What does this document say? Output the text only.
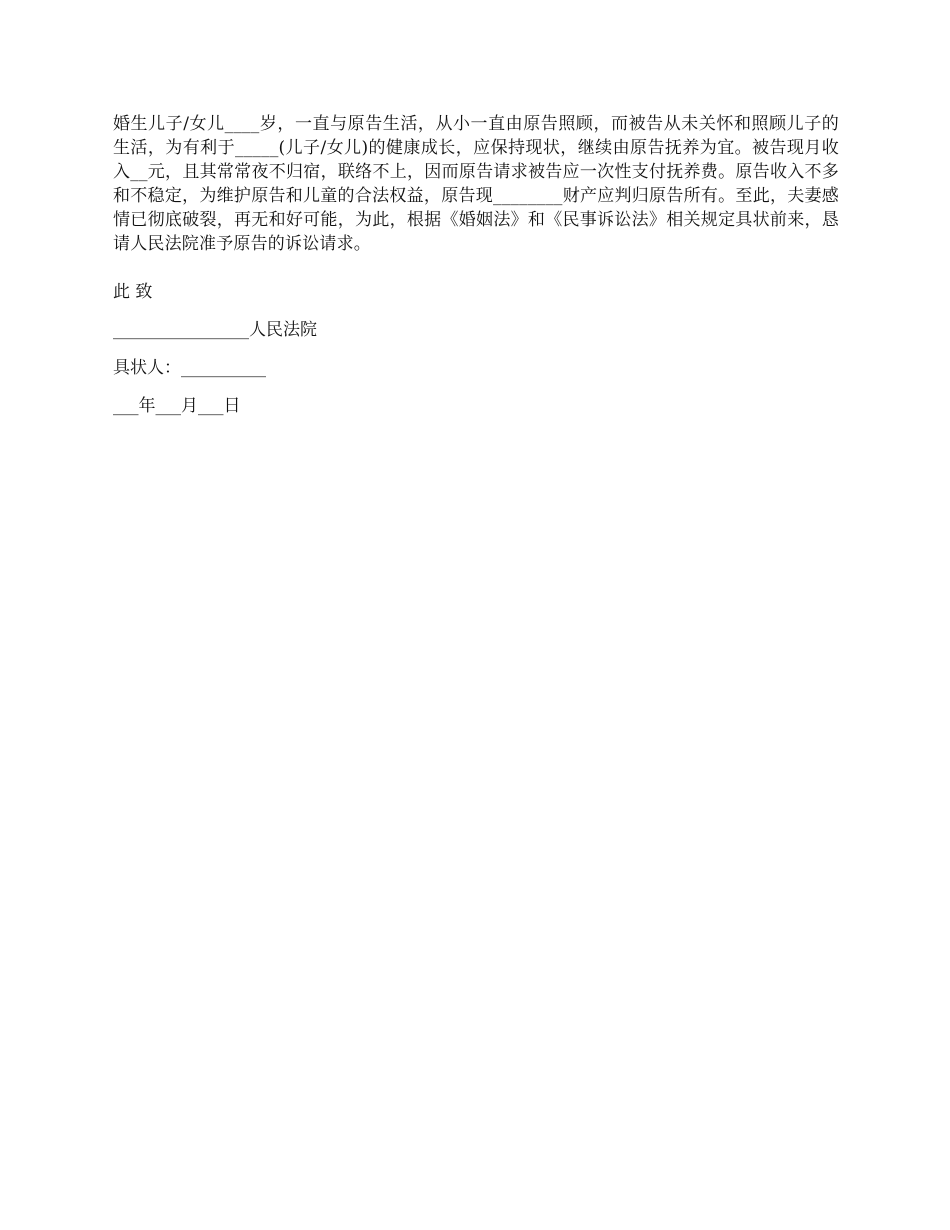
婚生儿子/女儿____岁，一直与原告生活，从小一直由原告照顾，而被告从未关怀和照顾儿子的生活，为有利于_____(儿子/女儿)的健康成长，应保持现状，继续由原告抚养为宜。被告现月收入__元，且其常常夜不归宿，联络不上，因而原告请求被告应一次性支付抚养费。原告收入不多和不稳定，为维护原告和儿童的合法权益，原告现________财产应判归原告所有。至此，夫妻感情已彻底破裂，再无和好可能，为此，根据《婚姻法》和《民事诉讼法》相关规定具状前来，恳请人民法院准予原告的诉讼请求。

此 致

________________人民法院

具状人：__________

___年___月___日
